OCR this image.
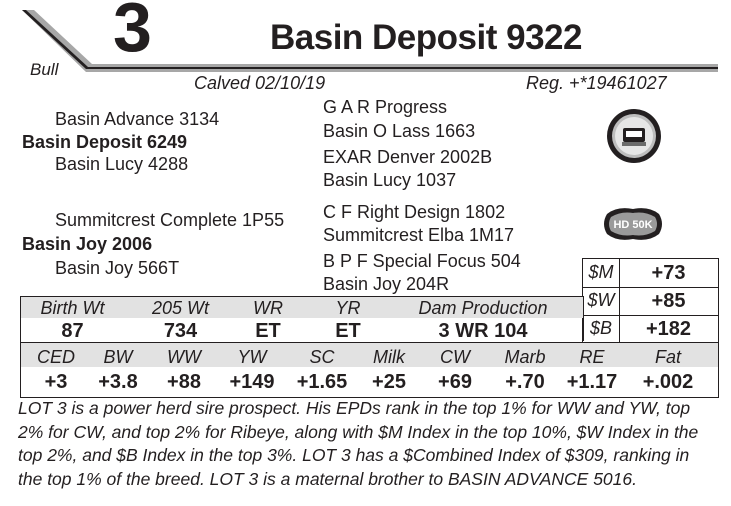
3	Basin Deposit 9322
Bull
Calved 02/10/19	Reg. +*19461027
Basin Advance 3134
Basin Deposit 6249
Basin Lucy 4288
Summitcrest Complete 1P55
Basin Joy 2006
Basin Joy 566T
G A R Progress
Basin O Lass 1663
EXAR Denver 2002B
Basin Lucy 1037
C F Right Design 1802
Summitcrest Elba 1M17
B P F Special Focus 504
Basin Joy 204R
HD 50K
$M	+73
$W	+85
$B	+182
Birth Wt	205 Wt	WR	YR	Dam Production
87	734	ET	ET	3 WR 104
CED	BW	WW	YW	SC	Milk	CW	Marb	RE	Fat
+3	+3.8	+88	+149	+1.65	+25	+69	+.70	+1.17	+.002
LOT 3 is a power herd sire prospect. His EPDs rank in the top 1% for WW and YW, top 2% for CW, and top 2% for Ribeye, along with $M Index in the top 10%, $W Index in the top 2%, and $B Index in the top 3%. LOT 3 has a $Combined Index of $309, ranking in the top 1% of the breed. LOT 3 is a maternal brother to BASIN ADVANCE 5016.
